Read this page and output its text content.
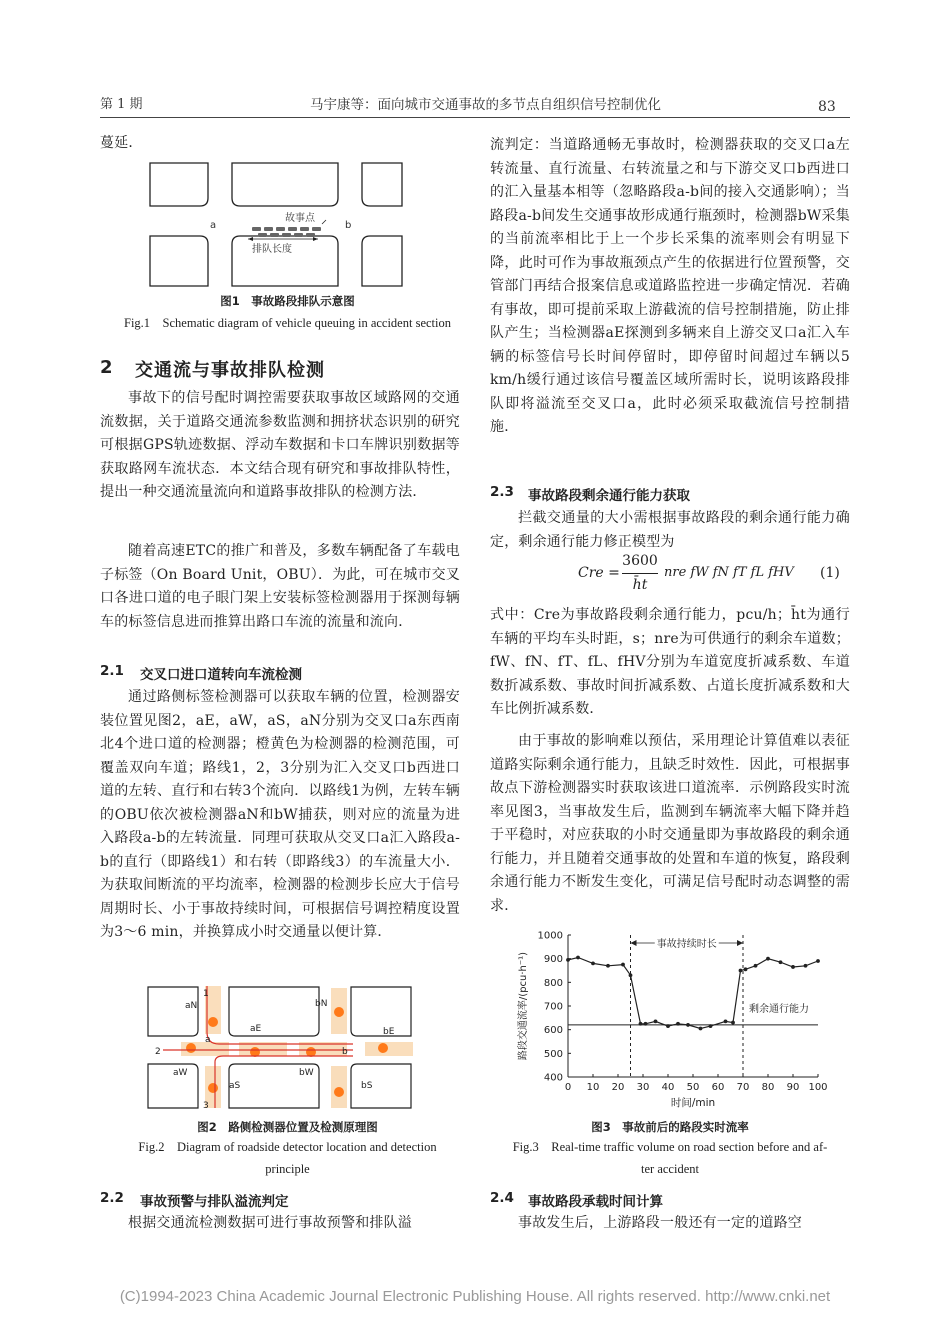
第 1 期	马宇康等：面向城市交通事故的多节点自组织信号控制优化	83
蔓延．
a	b
故事点
排队长度
图1　事故路段排队示意图
Fig.1　Schematic diagram of vehicle queuing in accident section
2 交通流与事故排队检测
事故下的信号配时调控需要获取事故区域路网的交通流数据，关于道路交通流参数监测和拥挤状态识别的研究可根据GPS轨迹数据、浮动车数据和卡口车牌识别数据等获取路网车流状态．本文结合现有研究和事故排队特性，提出一种交通流量流向和道路事故排队的检测方法．
随着高速ETC的推广和普及，多数车辆配备了车载电子标签（On Board Unit，OBU）．为此，可在城市交叉口各进口道的电子眼门架上安装标签检测器用于探测每辆车的标签信息进而推算出路口车流的流量和流向．
2.1 交叉口进口道转向车流检测
通过路侧标签检测器可以获取车辆的位置，检测器安装位置见图2，aE，aW，aS，aN分别为交叉口a东西南北4个进口道的检测器；橙黄色为检测器的检测范围，可覆盖双向车道；路线1，2，3分别为汇入交叉口b西进口道的左转、直行和右转3个流向．以路线1为例，左转车辆的OBU依次被检测器aN和bW捕获，则对应的流量为进入路段a-b的左转流量．同理可获取从交叉口a汇入路段a-b的直行（即路线1）和右转（即路线3）的车流量大小．为获取间断流的平均流率，检测器的检测步长应大于信号周期时长、小于事故持续时间，可根据信号调控精度设置为3～6 min，并换算成小时交通量以便计算．
aN
aE
aW
aS
bN
bE
bW
bS
a
b
1
2
3
图2　路侧检测器位置及检测原理图
Fig.2　Diagram of roadside detector location and detection
principle
2.2 事故预警与排队溢流判定
根据交通流检测数据可进行事故预警和排队溢
流判定：当道路通畅无事故时，检测器获取的交叉口a左转流量、直行流量、右转流量之和与下游交叉口b西进口的汇入量基本相等（忽略路段a-b间的接入交通影响）；当路段a-b间发生交通事故形成通行瓶颈时，检测器bW采集的当前流率相比于上一个步长采集的流率则会有明显下降，此时可作为事故瓶颈点产生的依据进行位置预警，交管部门再结合报案信息或道路监控进一步确定情况．若确有事故，即可提前采取上游截流的信号控制措施，防止排队产生；当检测器aE探测到多辆来自上游交叉口a汇入车辆的标签信号长时间停留时，即停留时间超过车辆以5 km/h缓行通过该信号覆盖区域所需时长，说明该路段排队即将溢流至交叉口a，此时必须采取截流信号控制措施．
2.3 事故路段剩余通行能力获取
拦截交通量的大小需根据事故路段的剩余通行能力确定，剩余通行能力修正模型为
Cre =
3600
h̄t
nre fW fN fT fL fHV (1)
式中：Cre为事故路段剩余通行能力，pcu/h；h̄t为通行车辆的平均车头时距，s；nre为可供通行的剩余车道数；fW、fN、fT、fL、fHV分别为车道宽度折减系数、车道数折减系数、事故时间折减系数、占道长度折减系数和大车比例折减系数．
由于事故的影响难以预估，采用理论计算值难以表征道路实际剩余通行能力，且缺乏时效性．因此，可根据事故点下游检测器实时获取该进口道流率．示例路段实时流率见图3，当事故发生后，监测到车辆流率大幅下降并趋于平稳时，对应获取的小时交通量即为事故路段的剩余通行能力，并且随着交通事故的处置和车道的恢复，路段剩余通行能力不断发生变化，可满足信号配时动态调整的需求．
0 10 20 30 40 50 60 70 80 90 100
400
500
600
700
800
900
1000
事故持续时长
剩余通行能力
时间/min
路段交通流率/(pcu·h⁻¹)
图3　事故前后的路段实时流率
Fig.3　Real-time traffic volume on road section before and af-
ter accident
2.4 事故路段承载时间计算
事故发生后，上游路段一般还有一定的道路空
(C)1994-2023 China Academic Journal Electronic Publishing House. All rights reserved. http://www.cnki.net
